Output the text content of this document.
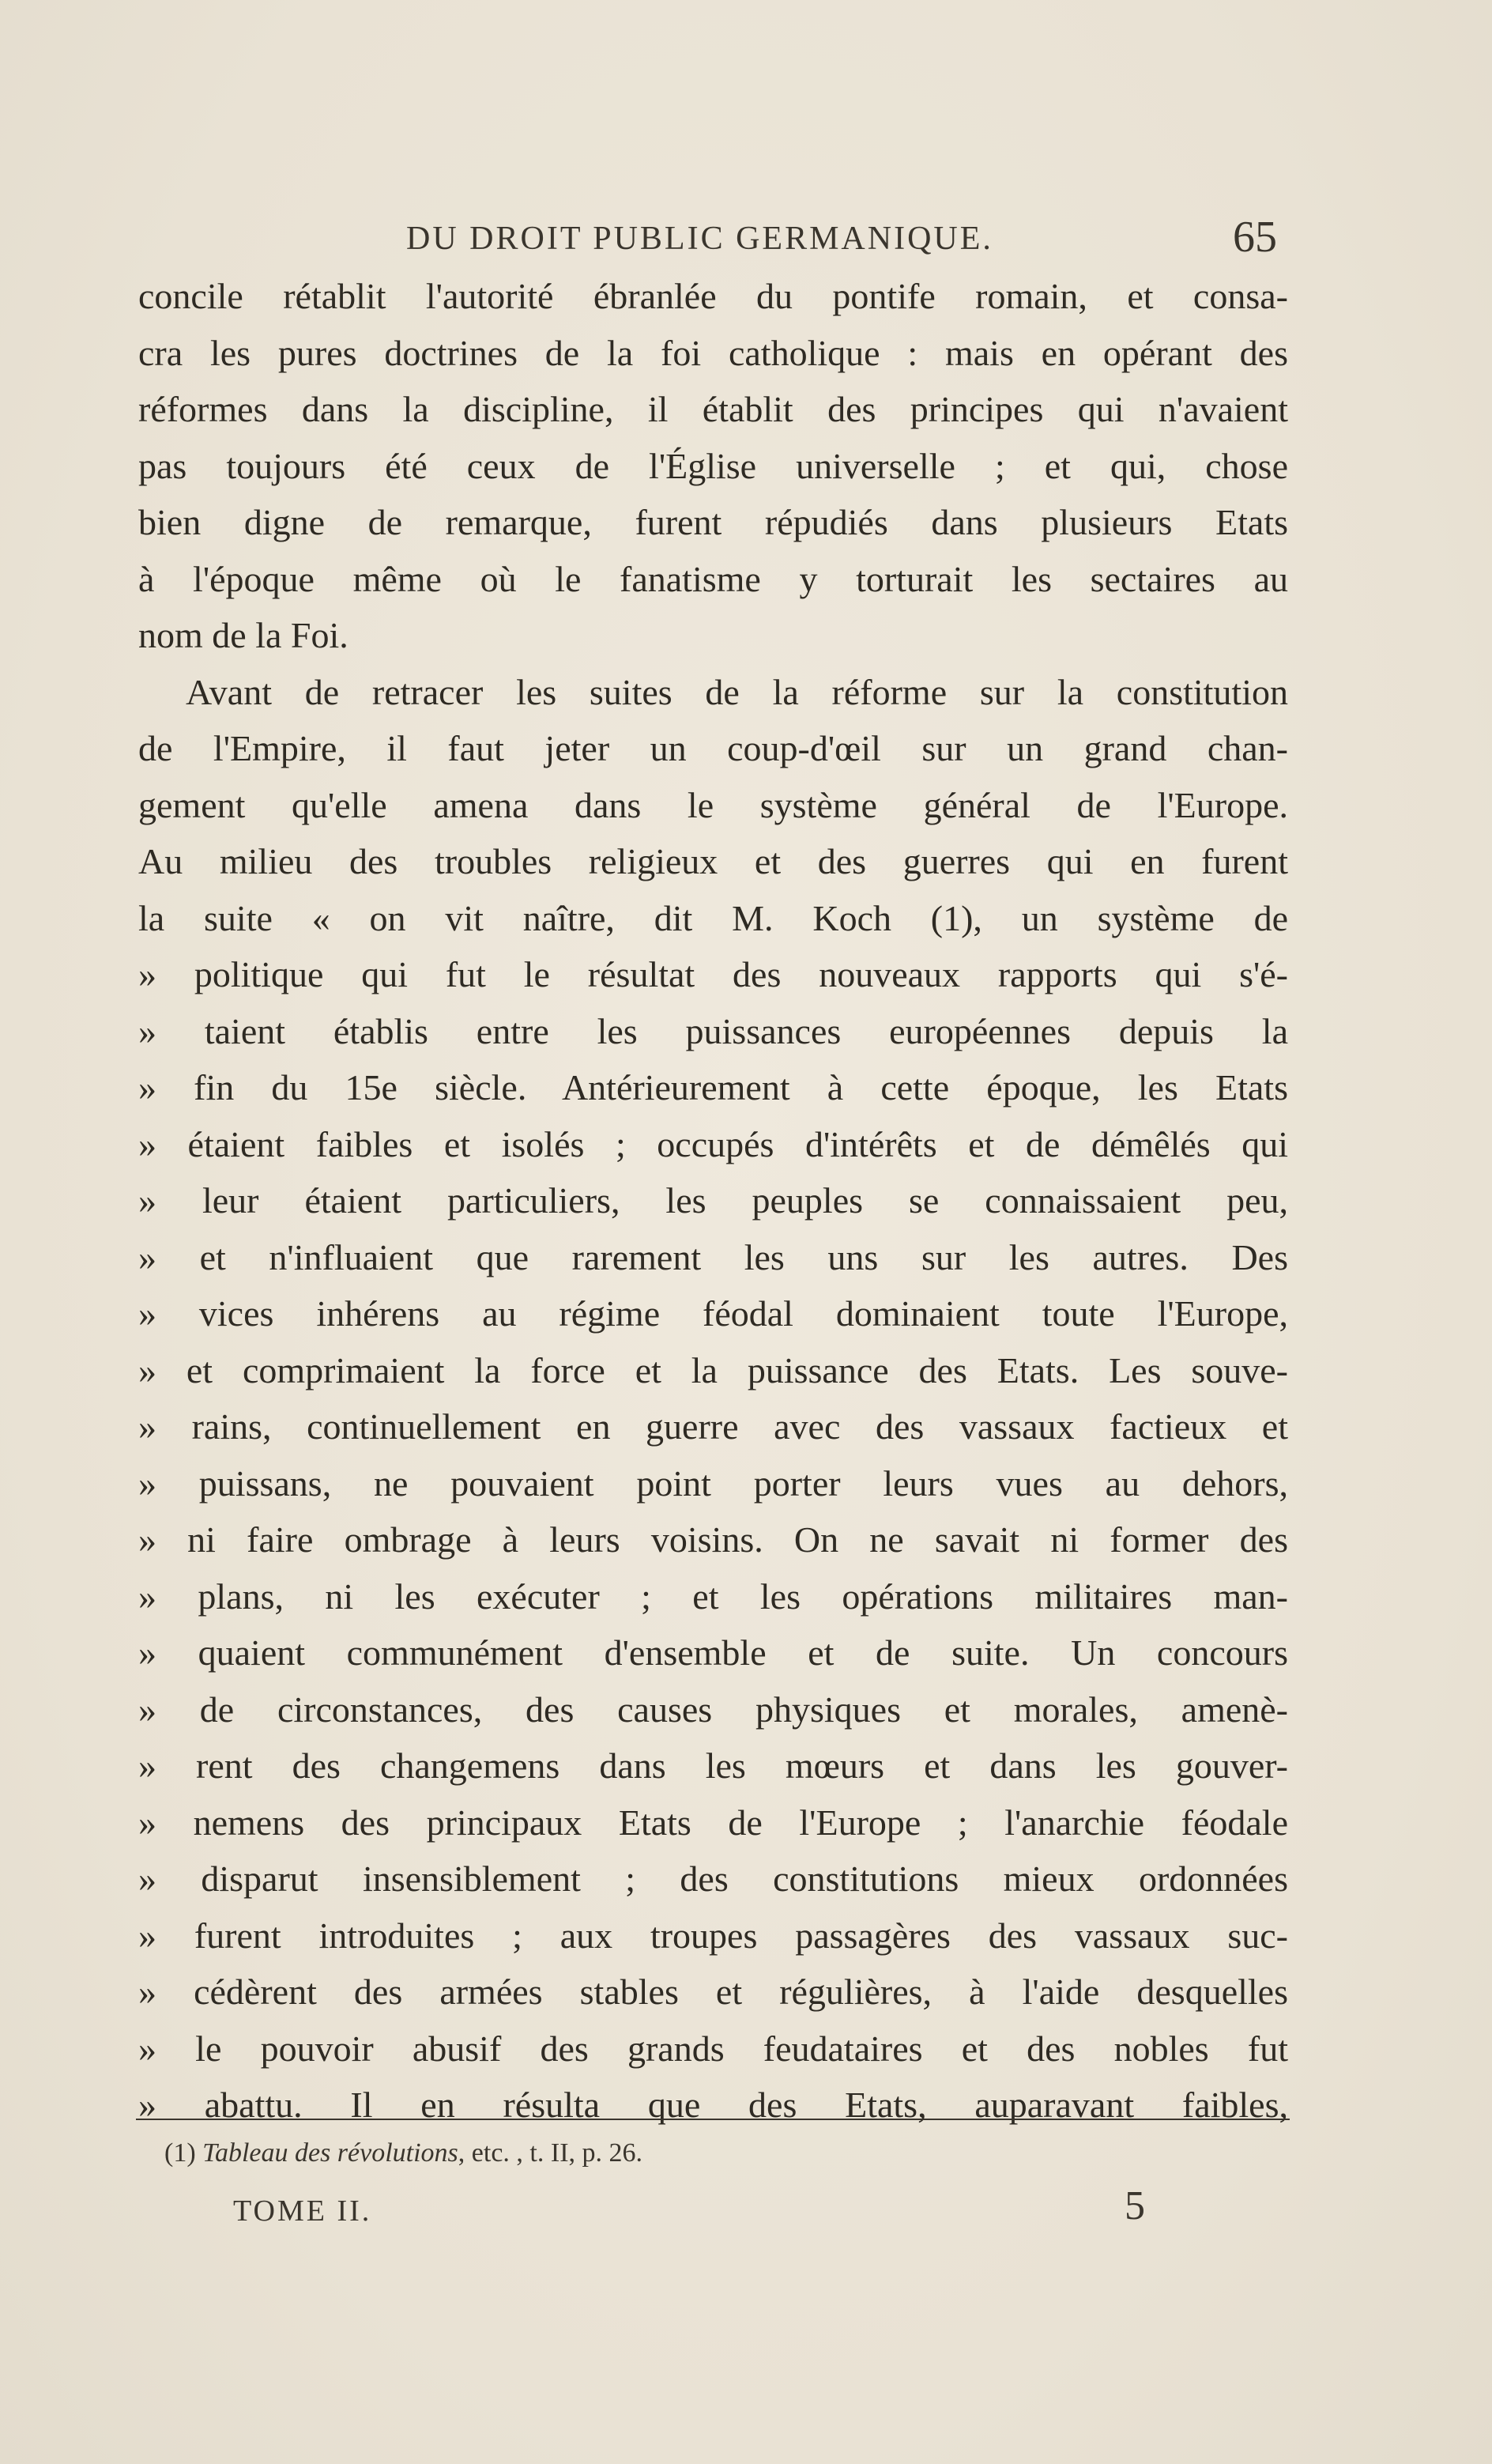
DU DROIT PUBLIC GERMANIQUE.	65
concile rétablit l'autorité ébranlée du pontife romain, et consa-
cra les pures doctrines de la foi catholique : mais en opérant des
réformes dans la discipline, il établit des principes qui n'avaient
pas toujours été ceux de l'Église universelle ; et qui, chose
bien digne de remarque, furent répudiés dans plusieurs Etats
à l'époque même où le fanatisme y torturait les sectaires au
nom de la Foi.
Avant de retracer les suites de la réforme sur la constitution
de l'Empire, il faut jeter un coup-d'œil sur un grand chan-
gement qu'elle amena dans le système général de l'Europe.
Au milieu des troubles religieux et des guerres qui en furent
la suite « on vit naître, dit M. Koch (1), un système de
» politique qui fut le résultat des nouveaux rapports qui s'é-
» taient établis entre les puissances européennes depuis la
» fin du 15e siècle. Antérieurement à cette époque, les Etats
» étaient faibles et isolés ; occupés d'intérêts et de démêlés qui
» leur étaient particuliers, les peuples se connaissaient peu,
» et n'influaient que rarement les uns sur les autres. Des
» vices inhérens au régime féodal dominaient toute l'Europe,
» et comprimaient la force et la puissance des Etats. Les souve-
» rains, continuellement en guerre avec des vassaux factieux et
» puissans, ne pouvaient point porter leurs vues au dehors,
» ni faire ombrage à leurs voisins. On ne savait ni former des
» plans, ni les exécuter ; et les opérations militaires man-
» quaient communément d'ensemble et de suite. Un concours
» de circonstances, des causes physiques et morales, amenè-
» rent des changemens dans les mœurs et dans les gouver-
» nemens des principaux Etats de l'Europe ; l'anarchie féodale
» disparut insensiblement ; des constitutions mieux ordonnées
» furent introduites ; aux troupes passagères des vassaux suc-
» cédèrent des armées stables et régulières, à l'aide desquelles
» le pouvoir abusif des grands feudataires et des nobles fut
» abattu. Il en résulta que des Etats, auparavant faibles,
(1) Tableau des révolutions, etc. , t. II, p. 26.
TOME II.	5
